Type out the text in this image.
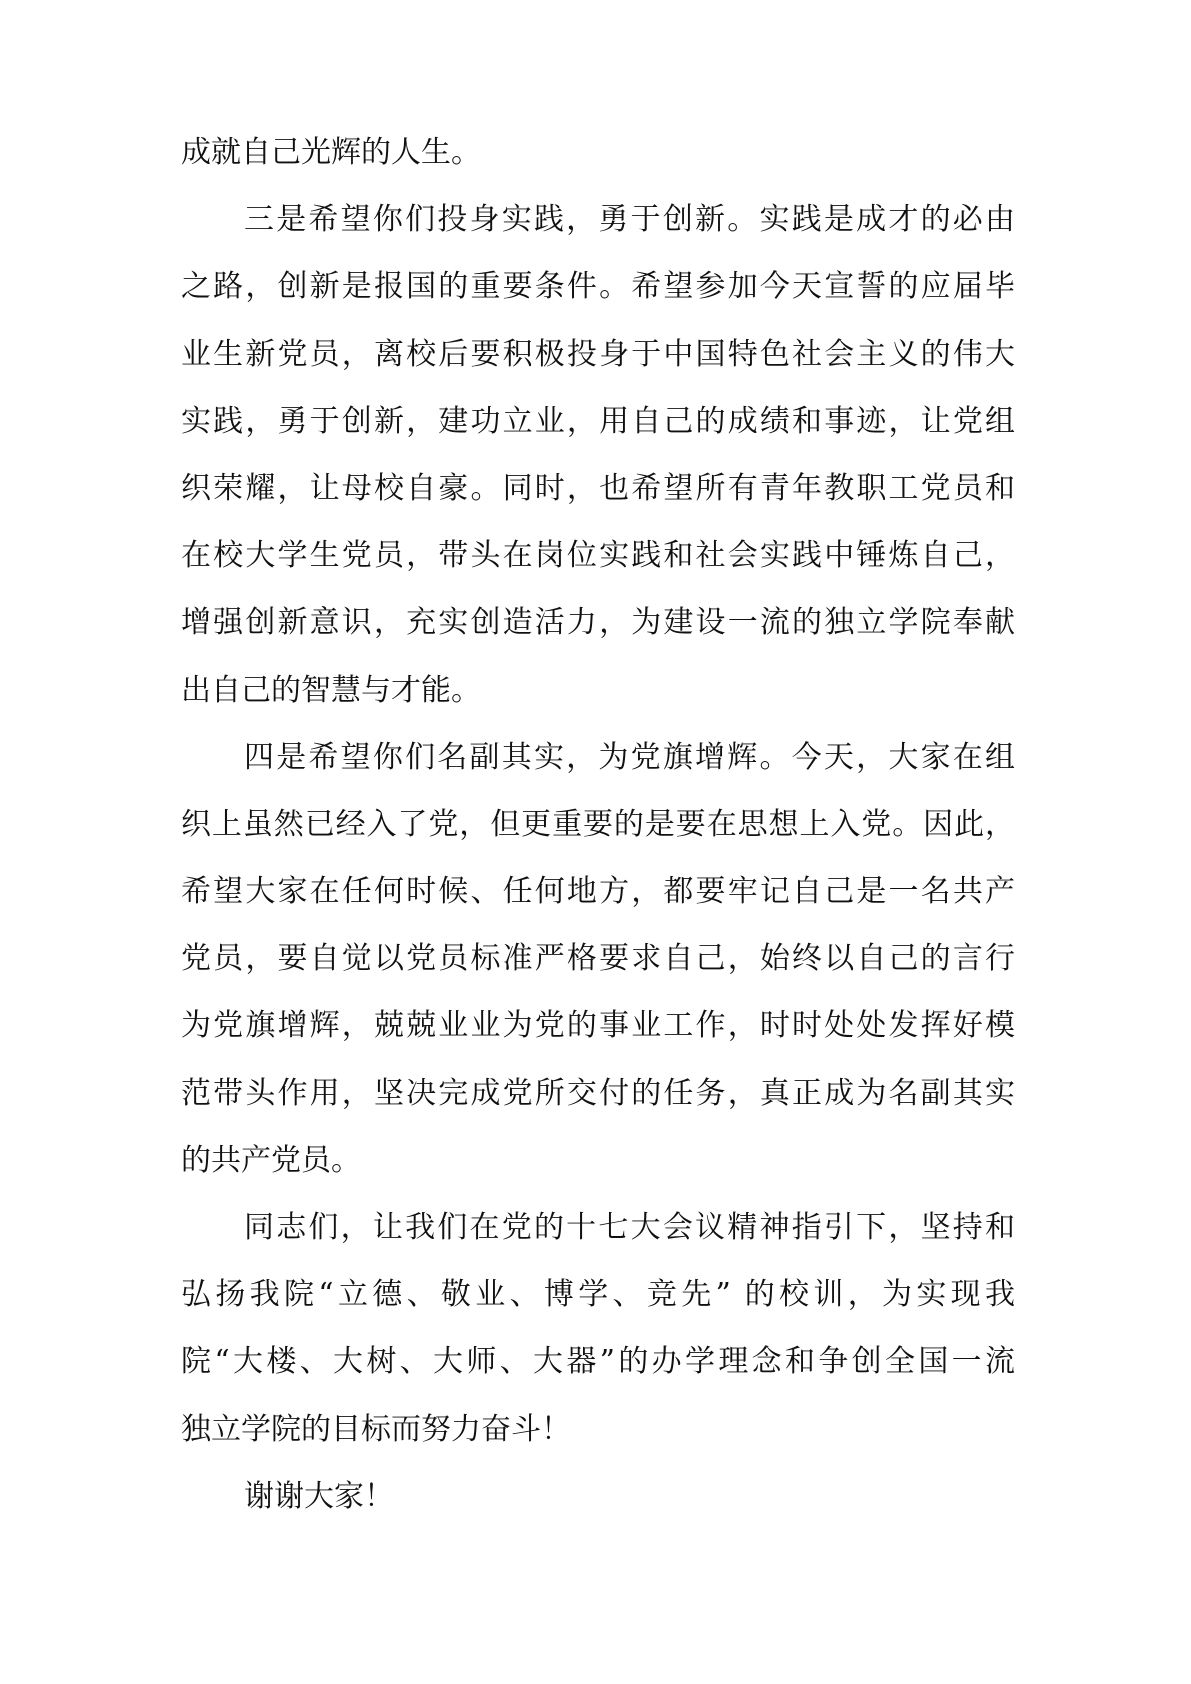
成就自己光辉的人生。
三是希望你们投身实践，勇于创新。实践是成才的必由
之路，创新是报国的重要条件。希望参加今天宣誓的应届毕
业生新党员，离校后要积极投身于中国特色社会主义的伟大
实践，勇于创新，建功立业，用自己的成绩和事迹，让党组
织荣耀，让母校自豪。同时，也希望所有青年教职工党员和
在校大学生党员，带头在岗位实践和社会实践中锤炼自己，
增强创新意识，充实创造活力，为建设一流的独立学院奉献
出自己的智慧与才能。
四是希望你们名副其实，为党旗增辉。今天，大家在组
织上虽然已经入了党，但更重要的是要在思想上入党。因此，
希望大家在任何时候、任何地方，都要牢记自己是一名共产
党员，要自觉以党员标准严格要求自己，始终以自己的言行
为党旗增辉，兢兢业业为党的事业工作，时时处处发挥好模
范带头作用，坚决完成党所交付的任务，真正成为名副其实
的共产党员。
同志们，让我们在党的十七大会议精神指引下，坚持和
弘扬我院“立德、敬业、博学、竞先” 的校训，为实现我
院“大楼、大树、大师、大器”的办学理念和争创全国一流
独立学院的目标而努力奋斗！
谢谢大家！
